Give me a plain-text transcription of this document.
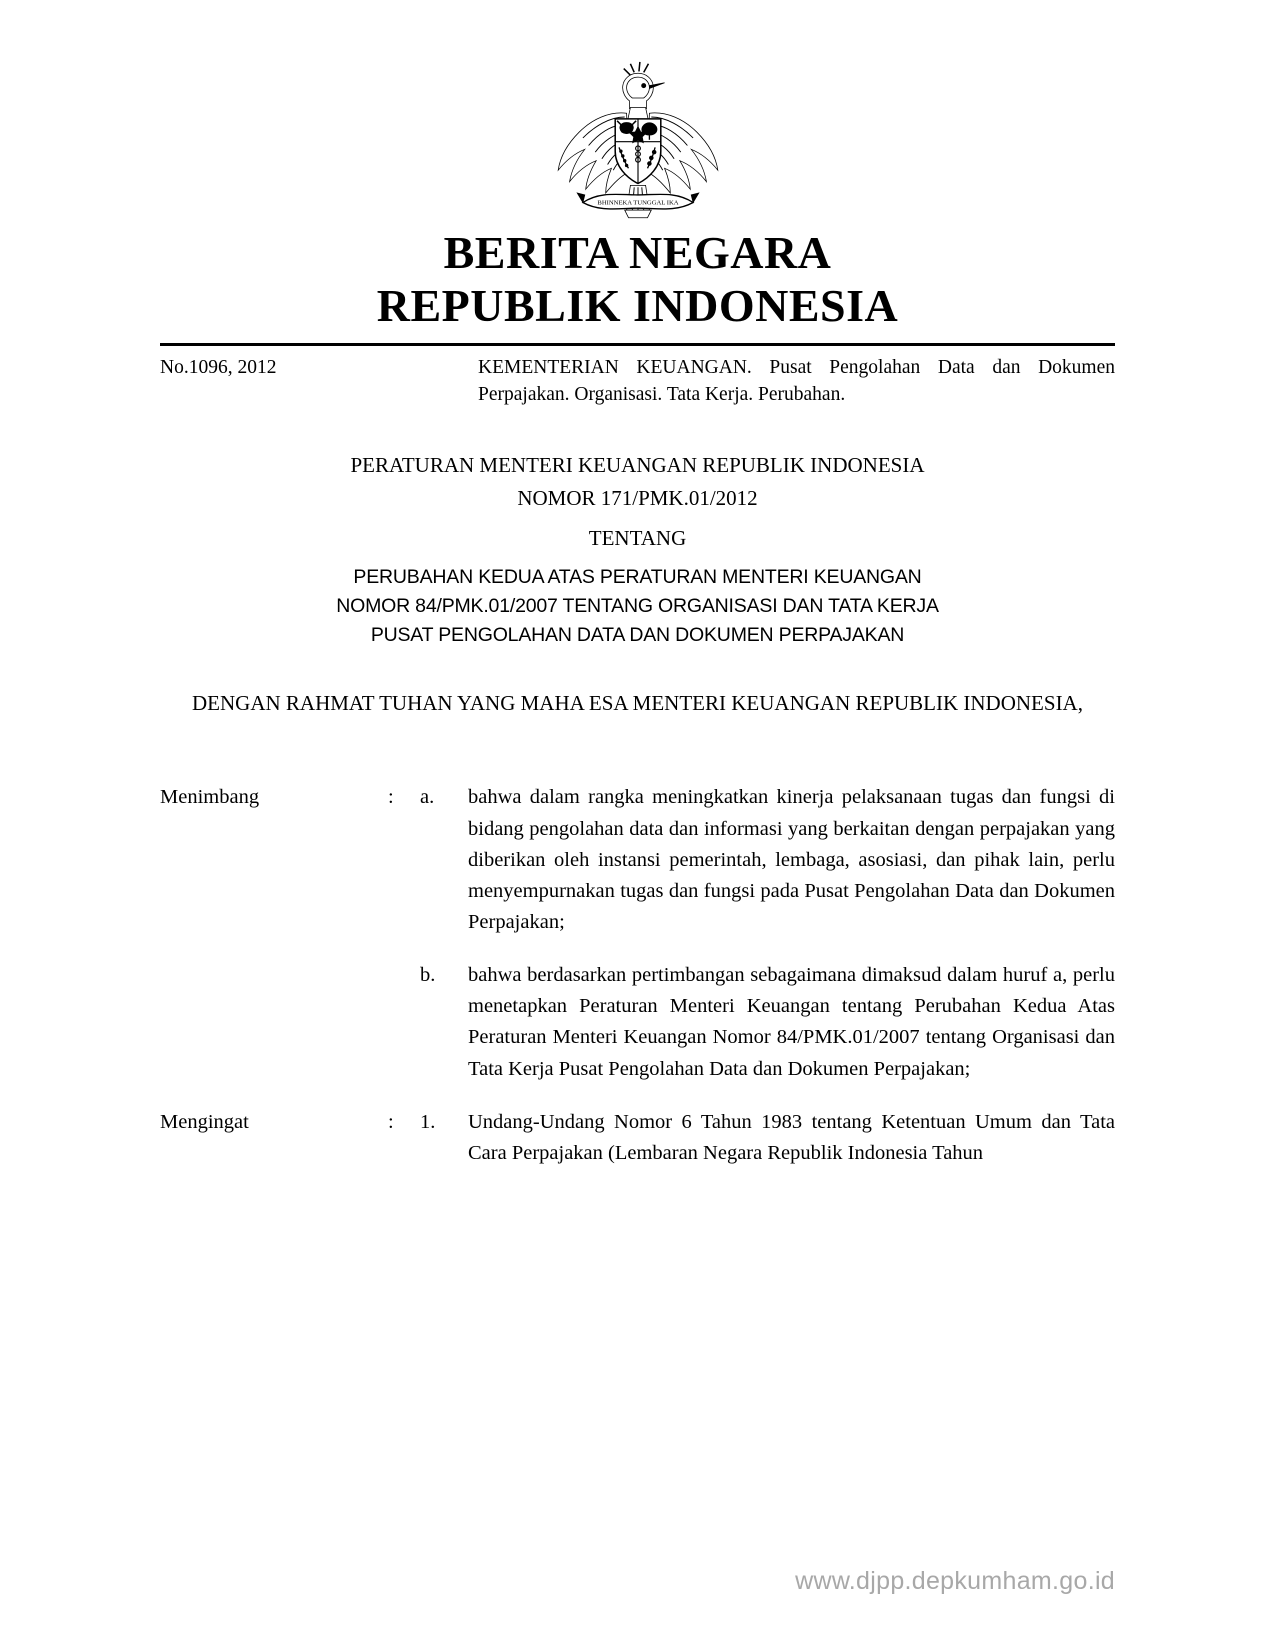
BHINNEKA TUNGGAL IKA
BERITA NEGARA
REPUBLIK INDONESIA
No.1096, 2012	KEMENTERIAN KEUANGAN. Pusat Pengolahan Data dan Dokumen Perpajakan. Organisasi. Tata Kerja. Perubahan.
PERATURAN MENTERI KEUANGAN REPUBLIK INDONESIA
NOMOR 171/PMK.01/2012
TENTANG
PERUBAHAN KEDUA ATAS PERATURAN MENTERI KEUANGAN
NOMOR 84/PMK.01/2007 TENTANG ORGANISASI DAN TATA KERJA
PUSAT PENGOLAHAN DATA DAN DOKUMEN PERPAJAKAN
DENGAN RAHMAT TUHAN YANG MAHA ESA MENTERI KEUANGAN REPUBLIK INDONESIA,
Menimbang	:	a.	bahwa dalam rangka meningkatkan kinerja pelaksanaan tugas dan fungsi di bidang pengolahan data dan informasi yang berkaitan dengan perpajakan yang diberikan oleh instansi pemerintah, lembaga, asosiasi, dan pihak lain, perlu menyempurnakan tugas dan fungsi pada Pusat Pengolahan Data dan Dokumen Perpajakan;
b.	bahwa berdasarkan pertimbangan sebagaimana dimaksud dalam huruf a, perlu menetapkan Peraturan Menteri Keuangan tentang Perubahan Kedua Atas Peraturan Menteri Keuangan Nomor 84/PMK.01/2007 tentang Organisasi dan Tata Kerja Pusat Pengolahan Data dan Dokumen Perpajakan;
Mengingat	:	1.	Undang-Undang Nomor 6 Tahun 1983 tentang Ketentuan Umum dan Tata Cara Perpajakan (Lembaran Negara Republik Indonesia Tahun
www.djpp.depkumham.go.id
